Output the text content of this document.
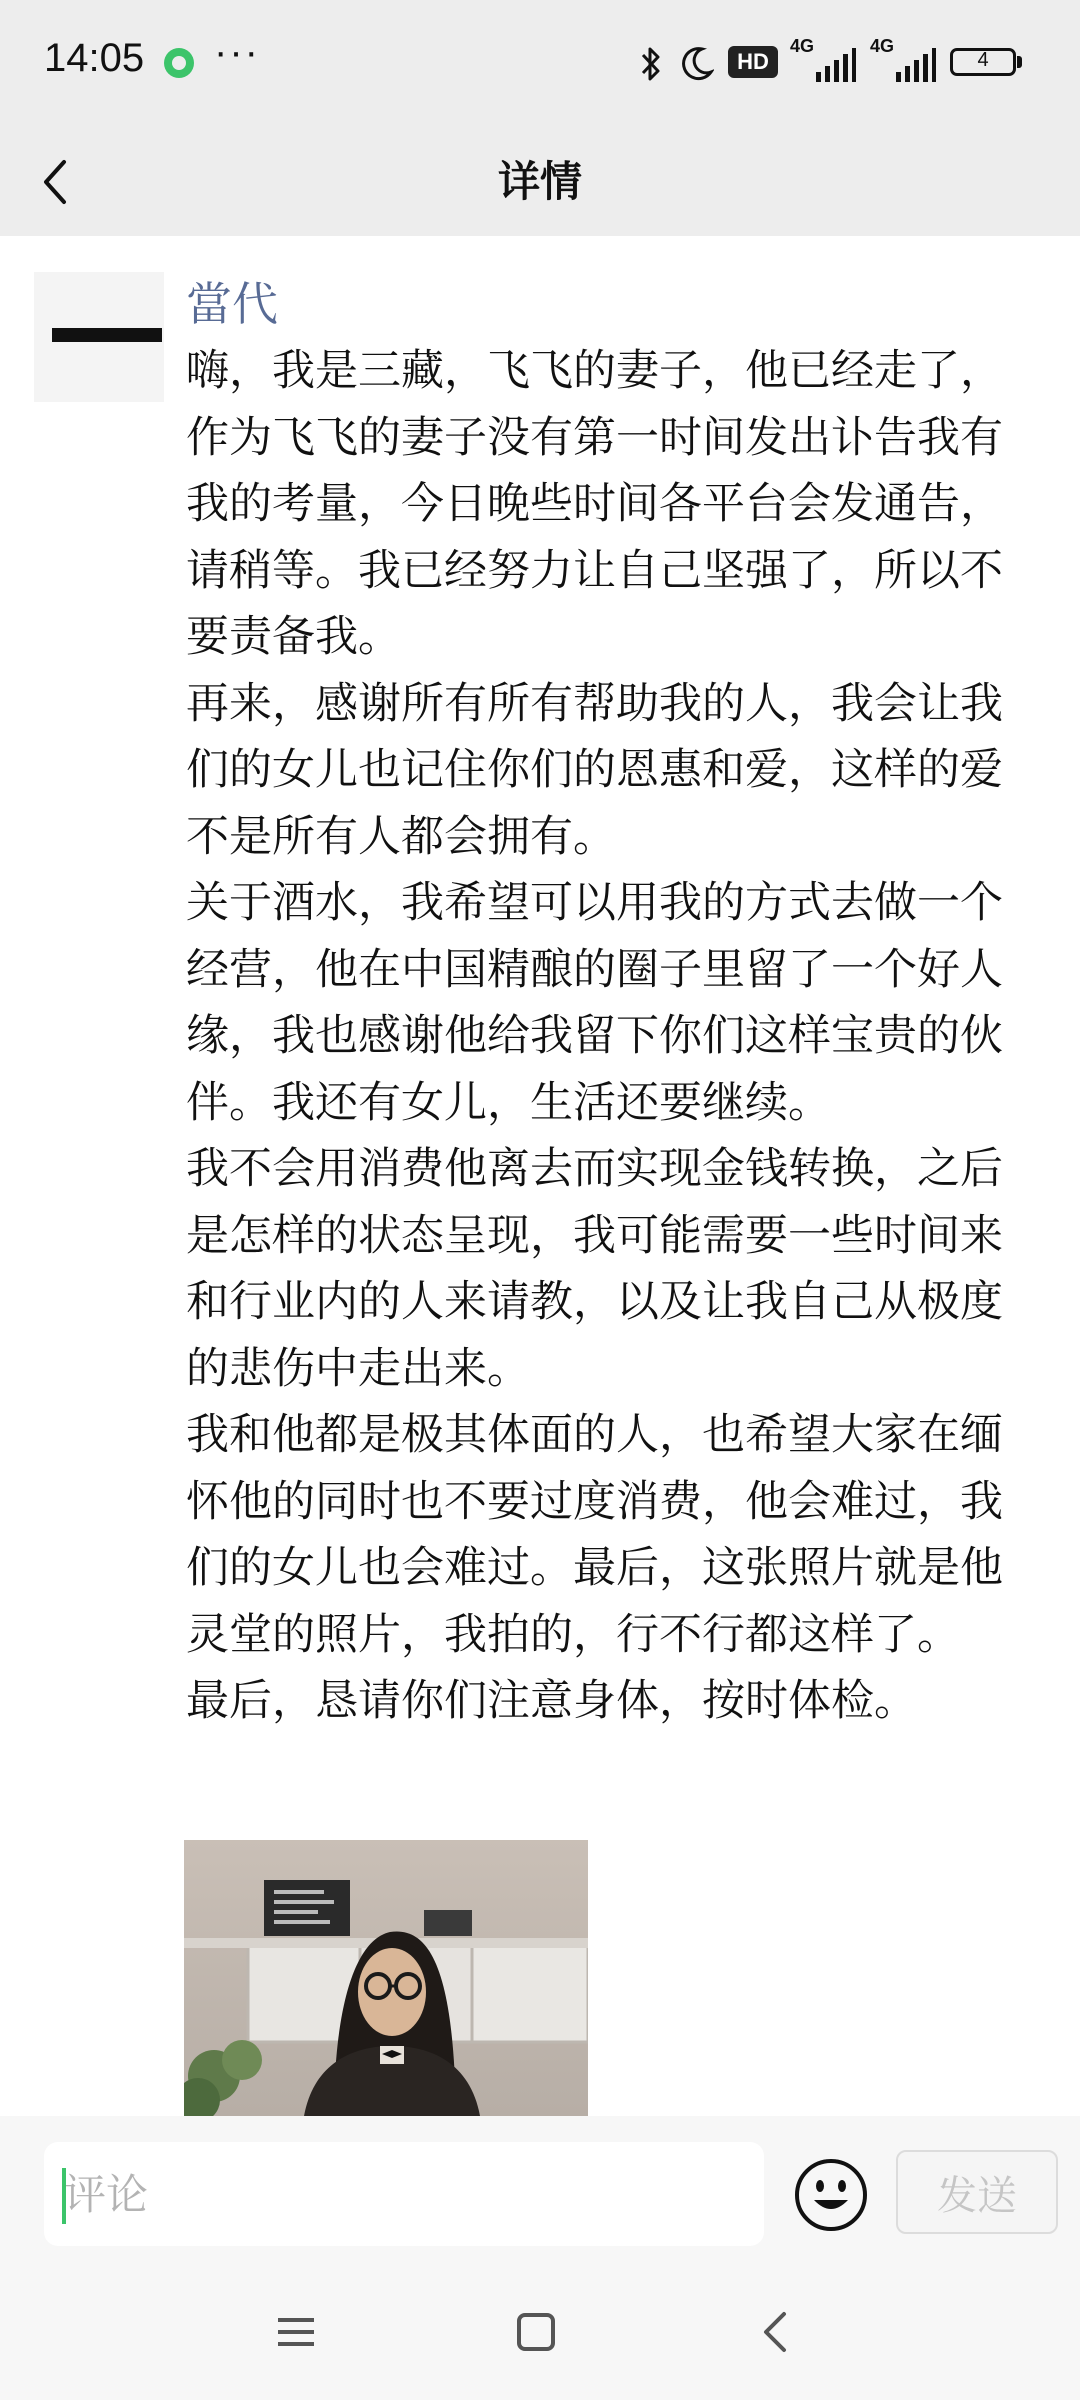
14:05 ···	HD
4G	4G
4
详情
當代

嗨，我是三藏，飞飞的妻子，他已经走了，作为飞飞的妻子没有第一时间发出讣告我有我的考量，今日晚些时间各平台会发通告，请稍等。我已经努力让自己坚强了，所以不要责备我。

再来，感谢所有所有帮助我的人，我会让我们的女儿也记住你们的恩惠和爱，这样的爱不是所有人都会拥有。

关于酒水，我希望可以用我的方式去做一个经营，他在中国精酿的圈子里留了一个好人缘，我也感谢他给我留下你们这样宝贵的伙伴。我还有女儿，生活还要继续。

我不会用消费他离去而实现金钱转换，之后是怎样的状态呈现，我可能需要一些时间来和行业内的人来请教，以及让我自己从极度的悲伤中走出来。

我和他都是极其体面的人，也希望大家在缅怀他的同时也不要过度消费，他会难过，我们的女儿也会难过。最后，这张照片就是他灵堂的照片，我拍的，行不行都这样了。

最后，恳请你们注意身体，按时体检。

评论
发送
